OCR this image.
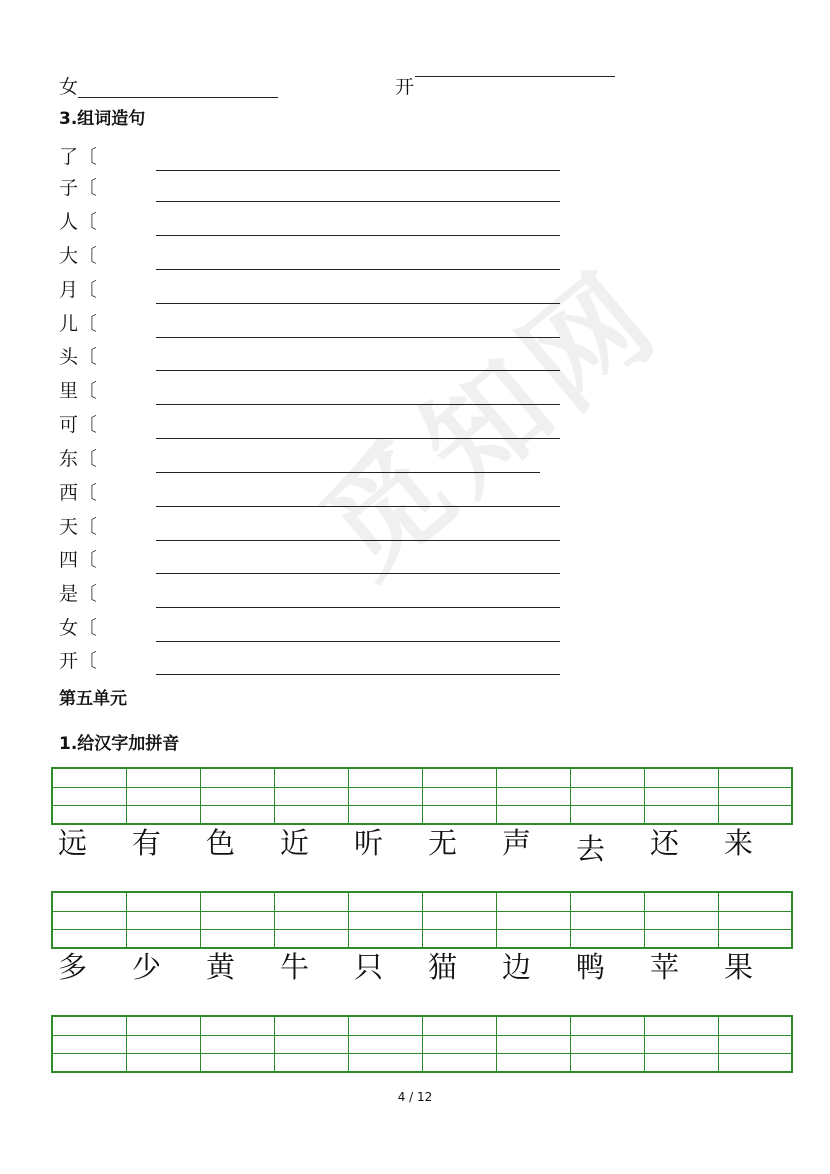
觅知网
女	开
3.组词造句
了〔
子〔
人〔
大〔
月〔
儿〔
头〔
里〔
可〔
东〔
西〔
天〔
四〔
是〔
女〔
开〔
第五单元
1.给汉字加拼音
远 有 色 近 听 无 声 去 还 来
多 少 黄 牛 只 猫 边 鸭 苹 果
4 / 12
